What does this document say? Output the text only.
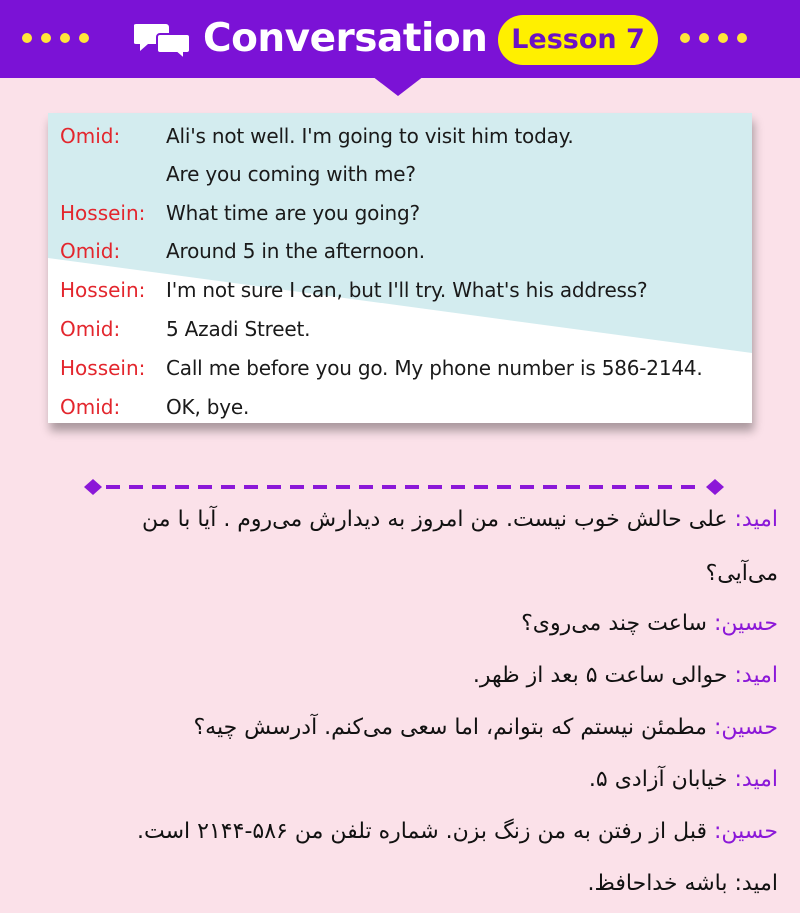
Conversation Lesson 7
Omid: Ali's not well. I'm going to visit him today.
Are you coming with me?
Hossein: What time are you going?
Omid: Around 5 in the afternoon.
Hossein: I'm not sure I can, but I'll try. What's his address?
Omid: 5 Azadi Street.
Hossein: Call me before you go. My phone number is 586-2144.
Omid: OK, bye.
امید: علی حالش خوب نیست. من امروز به دیدارش می‌روم . آیا با من
می‌آیی؟
حسین: ساعت چند می‌روی؟
امید: حوالی ساعت ۵ بعد از ظهر.
حسین: مطمئن نیستم که بتوانم، اما سعی می‌کنم. آدرسش چیه؟
امید: خیابان آزادی ۵.
حسین: قبل از رفتن به من زنگ بزن. شماره تلفن من ۵۸۶-۲۱۴۴ است.
امید: باشه خداحافظ.
